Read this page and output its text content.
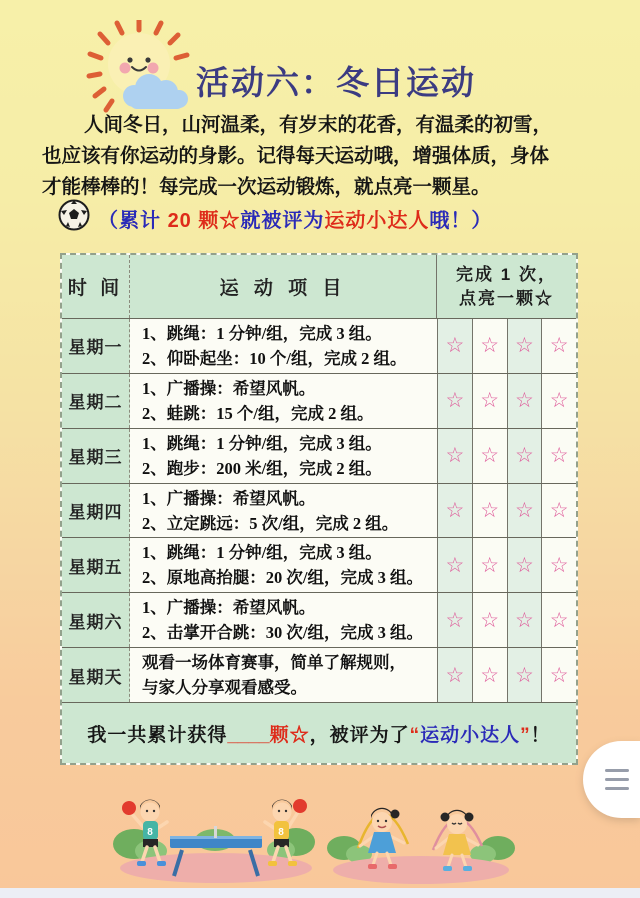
活动六：冬日运动
人间冬日，山河温柔，有岁末的花香，有温柔的初雪，
也应该有你运动的身影。记得每天运动哦，增强体质，身体
才能棒棒的！每完成一次运动锻炼，就点亮一颗星。
（累计 20 颗☆就被评为运动小达人哦！）
时 间	运 动 项 目
完成 1 次，
点亮一颗☆
星期一
1、跳绳：1 分钟/组，完成 3 组。
2、仰卧起坐：10 个/组，完成 2 组。
☆ ☆ ☆ ☆
星期二
1、广播操：希望风帆。
2、蛙跳：15 个/组，完成 2 组。
☆ ☆ ☆ ☆
星期三
1、跳绳：1 分钟/组，完成 3 组。
2、跑步：200 米/组，完成 2 组。
☆ ☆ ☆ ☆
星期四
1、广播操：希望风帆。
2、立定跳远：5 次/组，完成 2 组。
☆ ☆ ☆ ☆
星期五
1、跳绳：1 分钟/组，完成 3 组。
2、原地高抬腿：20 次/组，完成 3 组。
☆ ☆ ☆ ☆
星期六
1、广播操：希望风帆。
2、击掌开合跳：30 次/组，完成 3 组。
☆ ☆ ☆ ☆
星期天
观看一场体育赛事，简单了解规则，
与家人分享观看感受。
☆ ☆ ☆ ☆
我一共累计获得____颗☆，被评为了“运动小达人”！
8	8
